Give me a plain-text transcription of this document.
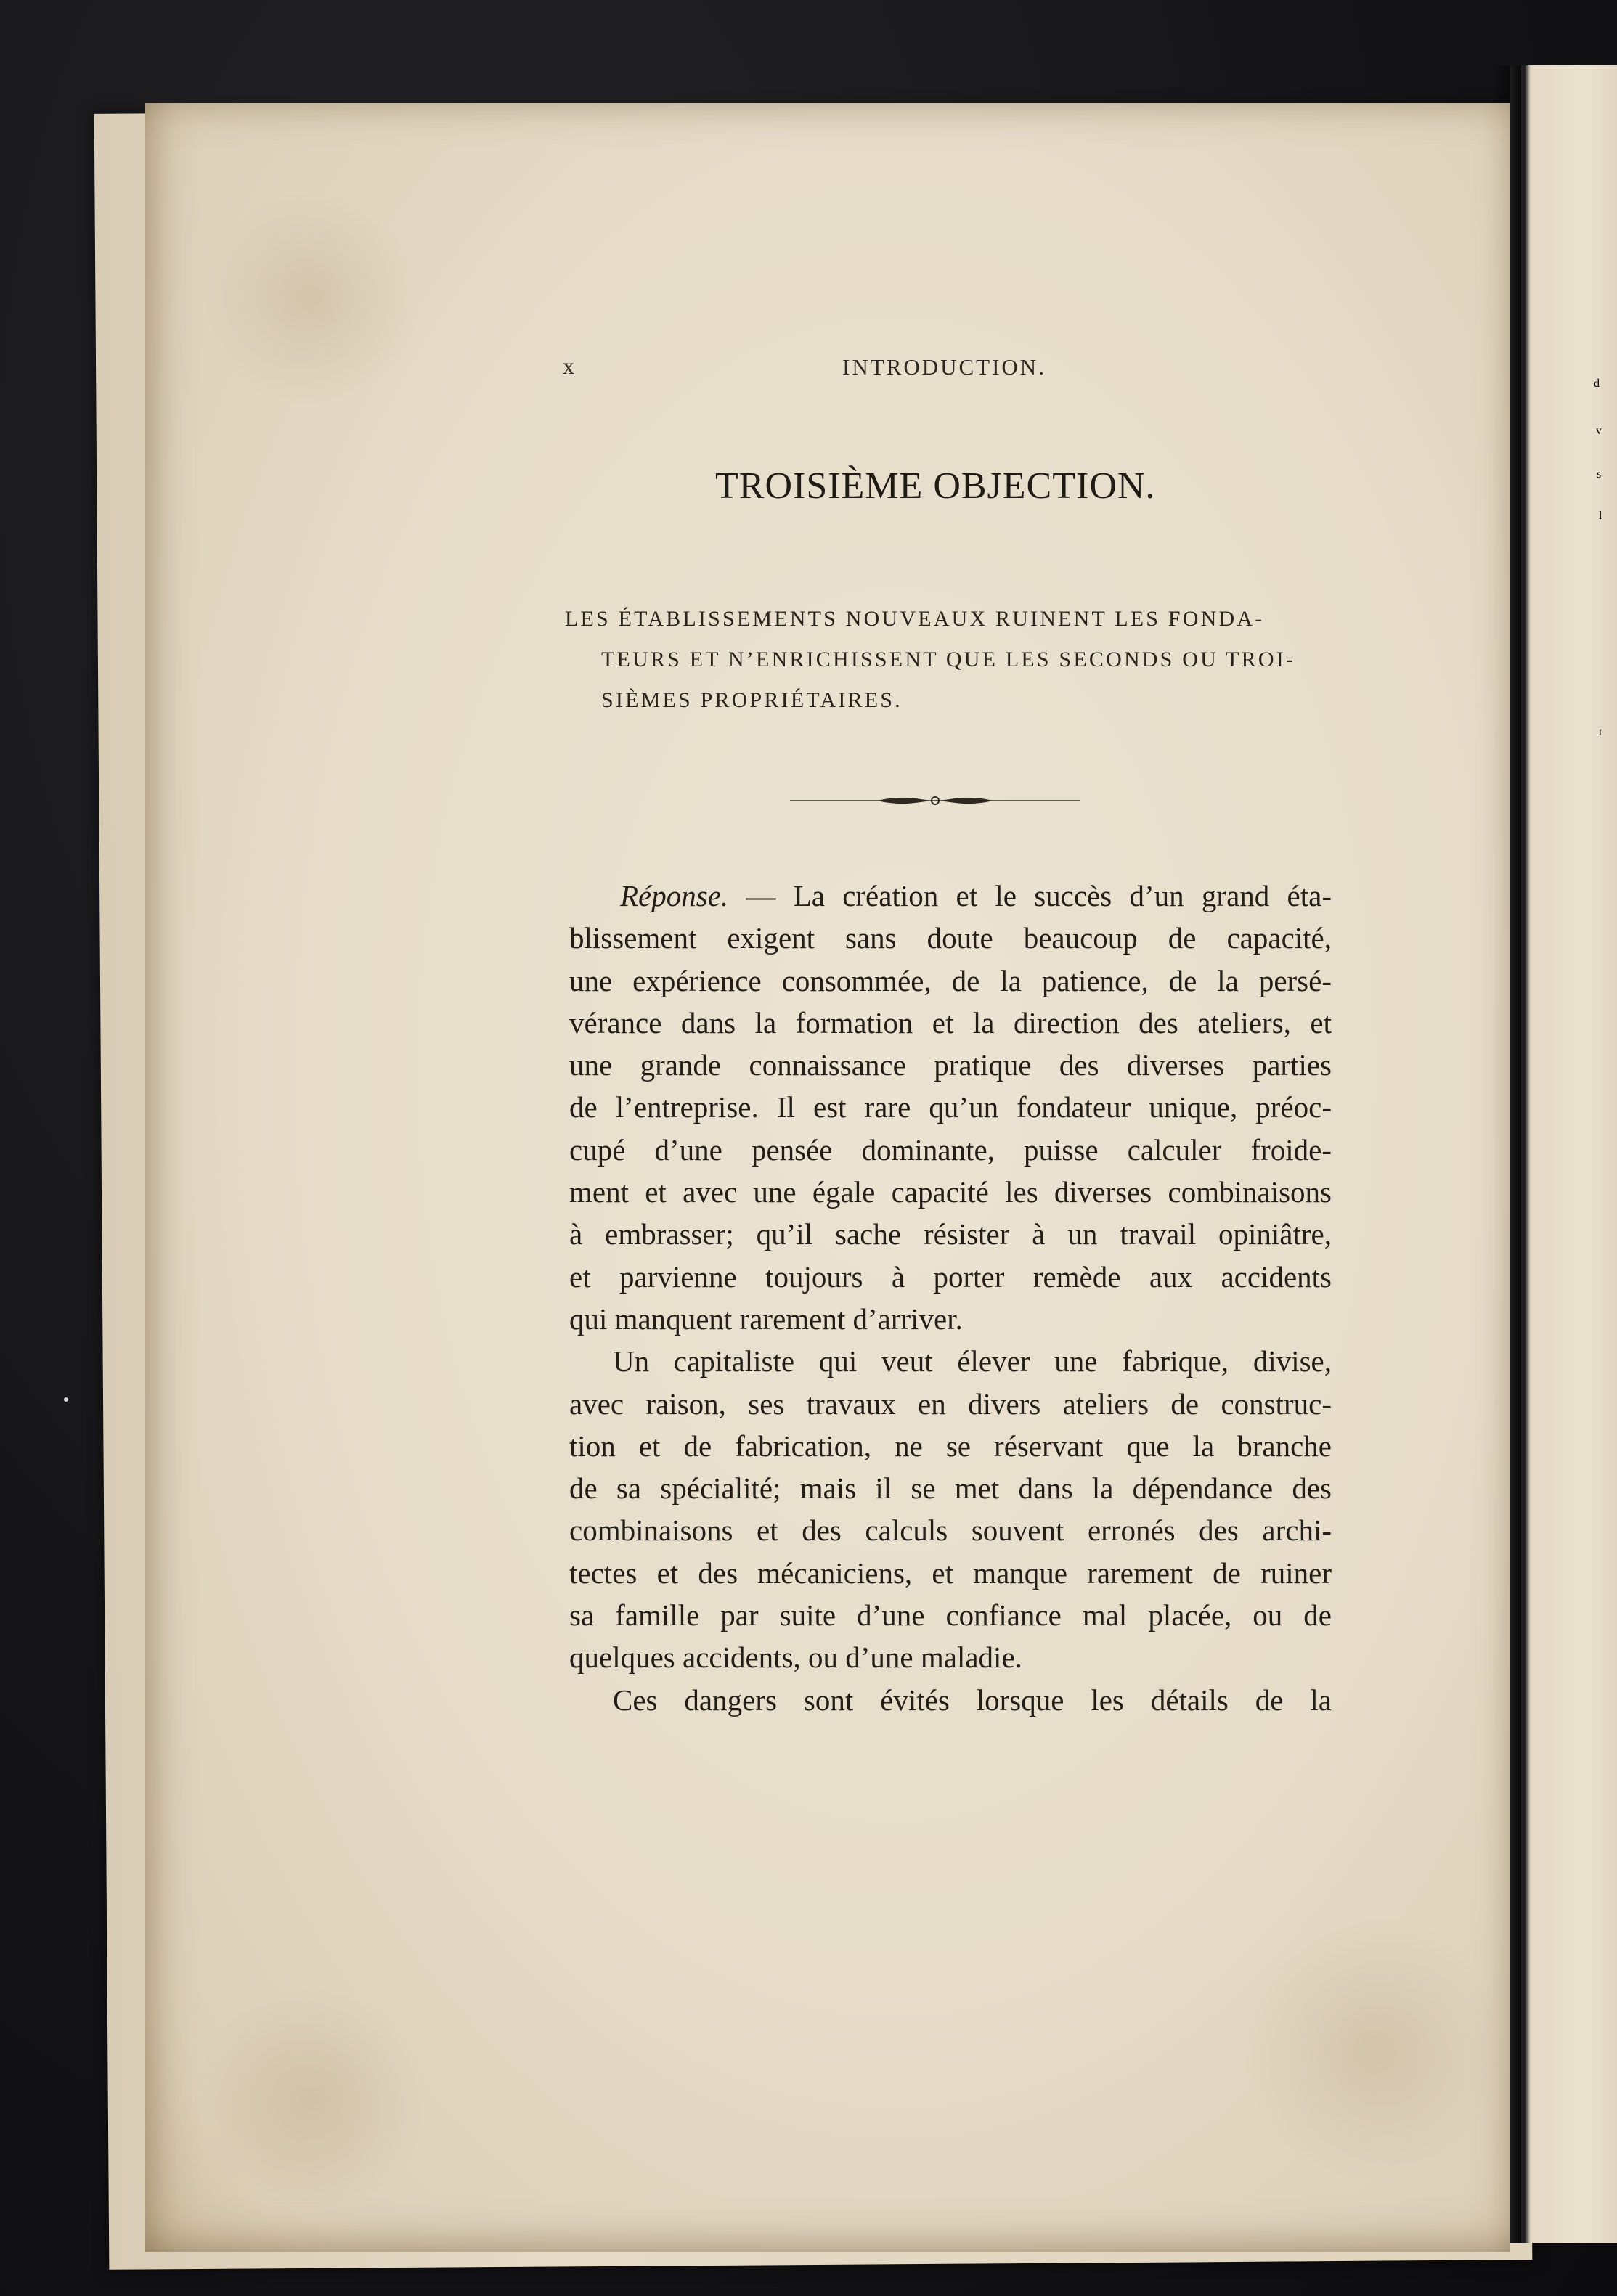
d
v
s
l
t
x	INTRODUCTION.
TROISIÈME OBJECTION.
LES ÉTABLISSEMENTS NOUVEAUX RUINENT LES FONDA-
TEURS ET N’ENRICHISSENT QUE LES SECONDS OU TROI-
SIÈMES PROPRIÉTAIRES.
Réponse. — La création et le succès d’un grand éta-
blissement exigent sans doute beaucoup de capacité,
une expérience consommée, de la patience, de la persé-
vérance dans la formation et la direction des ateliers, et
une grande connaissance pratique des diverses parties
de l’entreprise. Il est rare qu’un fondateur unique, préoc-
cupé d’une pensée dominante, puisse calculer froide-
ment et avec une égale capacité les diverses combinaisons
à embrasser; qu’il sache résister à un travail opiniâtre,
et parvienne toujours à porter remède aux accidents
qui manquent rarement d’arriver.
Un capitaliste qui veut élever une fabrique, divise,
avec raison, ses travaux en divers ateliers de construc-
tion et de fabrication, ne se réservant que la branche
de sa spécialité; mais il se met dans la dépendance des
combinaisons et des calculs souvent erronés des archi-
tectes et des mécaniciens, et manque rarement de ruiner
sa famille par suite d’une confiance mal placée, ou de
quelques accidents, ou d’une maladie.
Ces dangers sont évités lorsque les détails de la
